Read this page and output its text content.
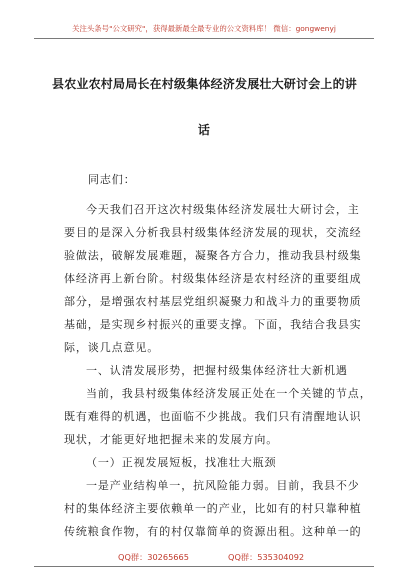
关注头条号"公文研究"，获得最新最全最专业的公文资料库！ 微信：gongwenyj
县农业农村局局长在村级集体经济发展壮大研讨会上的讲
话
同志们：
今天我们召开这次村级集体经济发展壮大研讨会，主
要目的是深入分析我县村级集体经济发展的现状，交流经
验做法，破解发展难题，凝聚各方合力，推动我县村级集
体经济再上新台阶。村级集体经济是农村经济的重要组成
部分，是增强农村基层党组织凝聚力和战斗力的重要物质
基础，是实现乡村振兴的重要支撑。下面，我结合我县实
际，谈几点意见。
一、认清发展形势，把握村级集体经济壮大新机遇
当前，我县村级集体经济发展正处在一个关键的节点，
既有难得的机遇，也面临不少挑战。我们只有清醒地认识
现状，才能更好地把握未来的发展方向。
（一）正视发展短板，找准壮大瓶颈
一是产业结构单一，抗风险能力弱。目前，我县不少
村的集体经济主要依赖单一的产业，比如有的村只靠种植
传统粮食作物，有的村仅靠简单的资源出租。这种单一的
QQ群：30265665	QQ群：535304092
